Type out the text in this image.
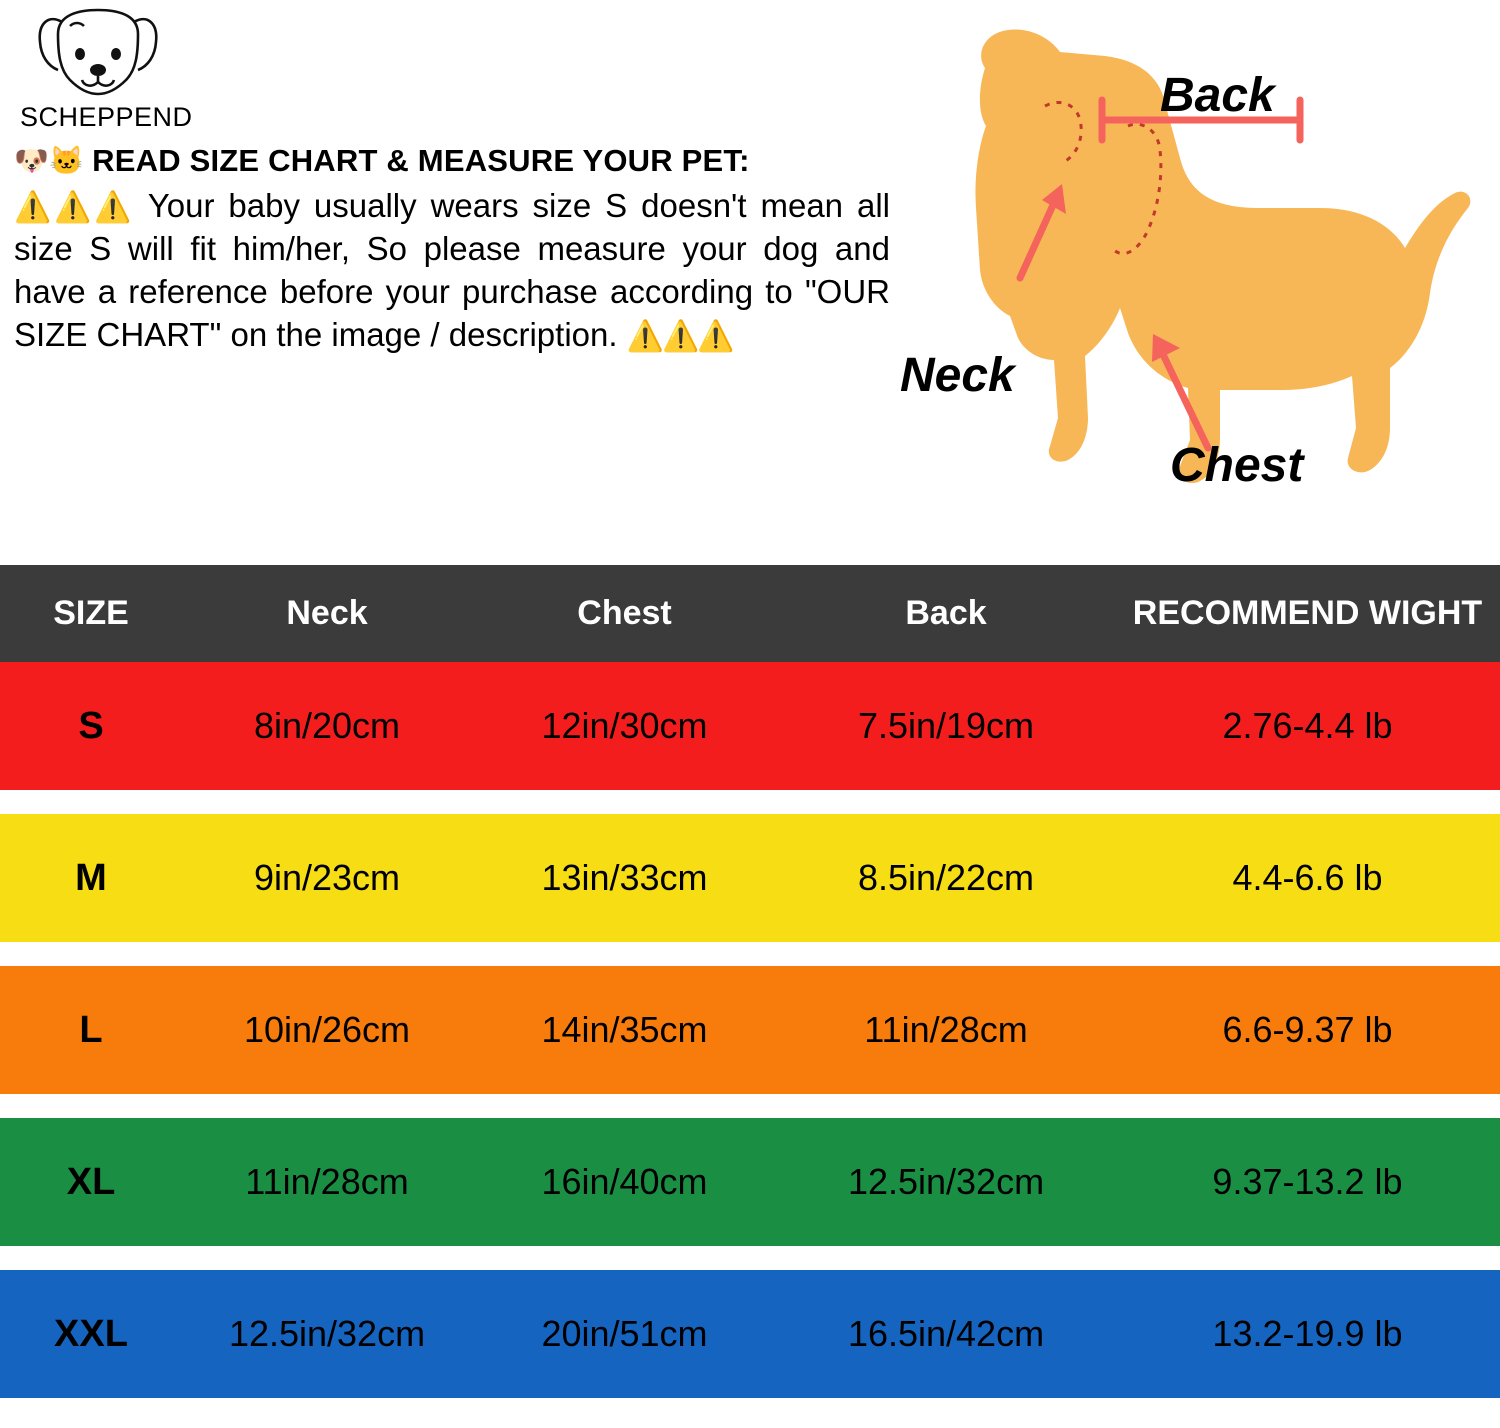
SCHEPPEND
🐶🐱 READ SIZE CHART & MEASURE YOUR PET:
⚠️⚠️⚠️ Your baby usually wears size S doesn't mean all size S will fit him/her, So please measure your dog and have a reference before your purchase according to "OUR SIZE CHART" on the image / description. ⚠️⚠️⚠️
Back
Neck
Chest
SIZE	Neck	Chest	Back	RECOMMEND WIGHT
S	8in/20cm	12in/30cm	7.5in/19cm	2.76-4.4 lb
M	9in/23cm	13in/33cm	8.5in/22cm	4.4-6.6 lb
L	10in/26cm	14in/35cm	11in/28cm	6.6-9.37 lb
XL	11in/28cm	16in/40cm	12.5in/32cm	9.37-13.2 lb
XXL	12.5in/32cm	20in/51cm	16.5in/42cm	13.2-19.9 lb
